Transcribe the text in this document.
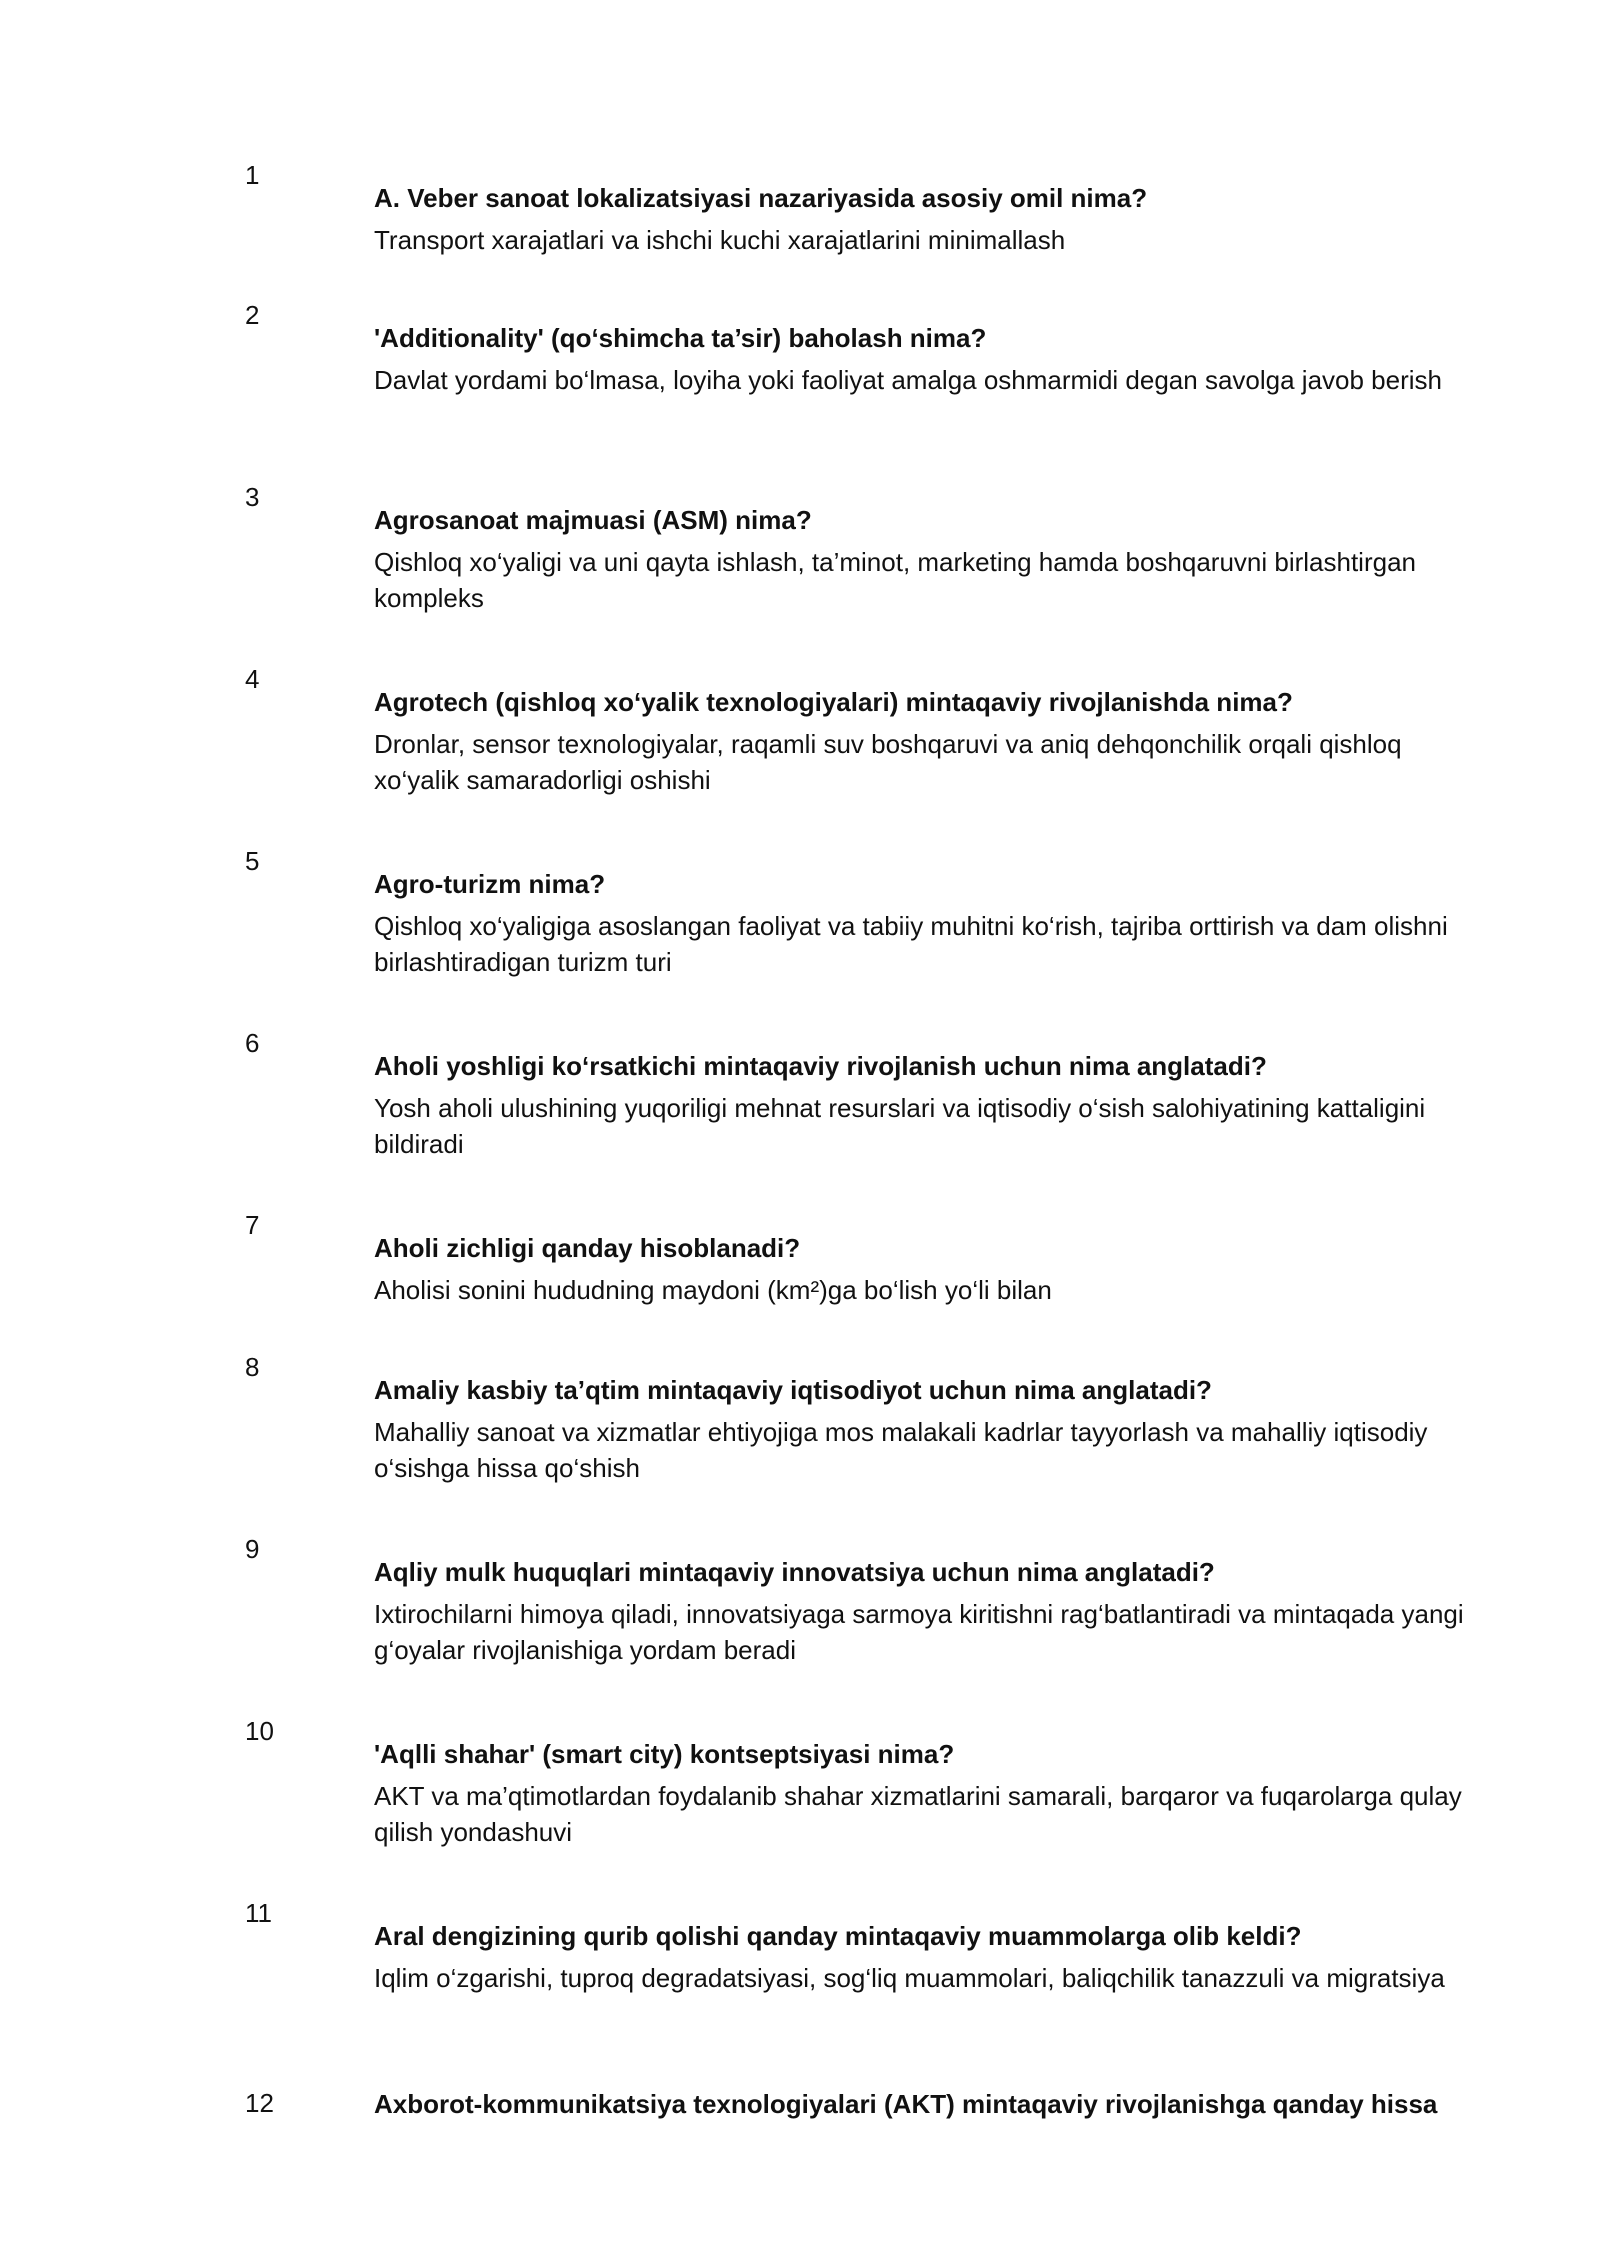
1
A. Veber sanoat lokalizatsiyasi nazariyasida asosiy omil nima?
Transport xarajatlari va ishchi kuchi xarajatlarini minimallash
2
'Additionality' (qo‘shimcha ta’sir) baholash nima?
Davlat yordami bo‘lmasa, loyiha yoki faoliyat amalga oshmarmidi degan savolga javob berish
3
Agrosanoat majmuasi (ASM) nima?
Qishloq xo‘yaligi va uni qayta ishlash, ta’minot, marketing hamda boshqaruvni birlashtirgan kompleks
4
Agrotech (qishloq xo‘yalik texnologiyalari) mintaqaviy rivojlanishda nima?
Dronlar, sensor texnologiyalar, raqamli suv boshqaruvi va aniq dehqonchilik orqali qishloq xo‘yalik samaradorligi oshishi
5
Agro-turizm nima?
Qishloq xo‘yaligiga asoslangan faoliyat va tabiiy muhitni ko‘rish, tajriba orttirish va dam olishni birlashtiradigan turizm turi
6
Aholi yoshligi ko‘rsatkichi mintaqaviy rivojlanish uchun nima anglatadi?
Yosh aholi ulushining yuqoriligi mehnat resurslari va iqtisodiy o‘sish salohiyatining kattaligini bildiradi
7
Aholi zichligi qanday hisoblanadi?
Aholisi sonini hududning maydoni (km²)ga bo‘lish yo‘li bilan
8
Amaliy kasbiy ta’qtim mintaqaviy iqtisodiyot uchun nima anglatadi?
Mahalliy sanoat va xizmatlar ehtiyojiga mos malakali kadrlar tayyorlash va mahalliy iqtisodiy o‘sishga hissa qo‘shish
9
Aqliy mulk huquqlari mintaqaviy innovatsiya uchun nima anglatadi?
Ixtirochilarni himoya qiladi, innovatsiyaga sarmoya kiritishni rag‘batlantiradi va mintaqada yangi g‘oyalar rivojlanishiga yordam beradi
10
'Aqlli shahar' (smart city) kontseptsiyasi nima?
AKT va ma’qtimotlardan foydalanib shahar xizmatlarini samarali, barqaror va fuqarolarga qulay qilish yondashuvi
11
Aral dengizining qurib qolishi qanday mintaqaviy muammolarga olib keldi?
Iqlim o‘zgarishi, tuproq degradatsiyasi, sog‘liq muammolari, baliqchilik tanazzuli va migratsiya
12	Axborot-kommunikatsiya texnologiyalari (AKT) mintaqaviy rivojlanishga qanday hissa
